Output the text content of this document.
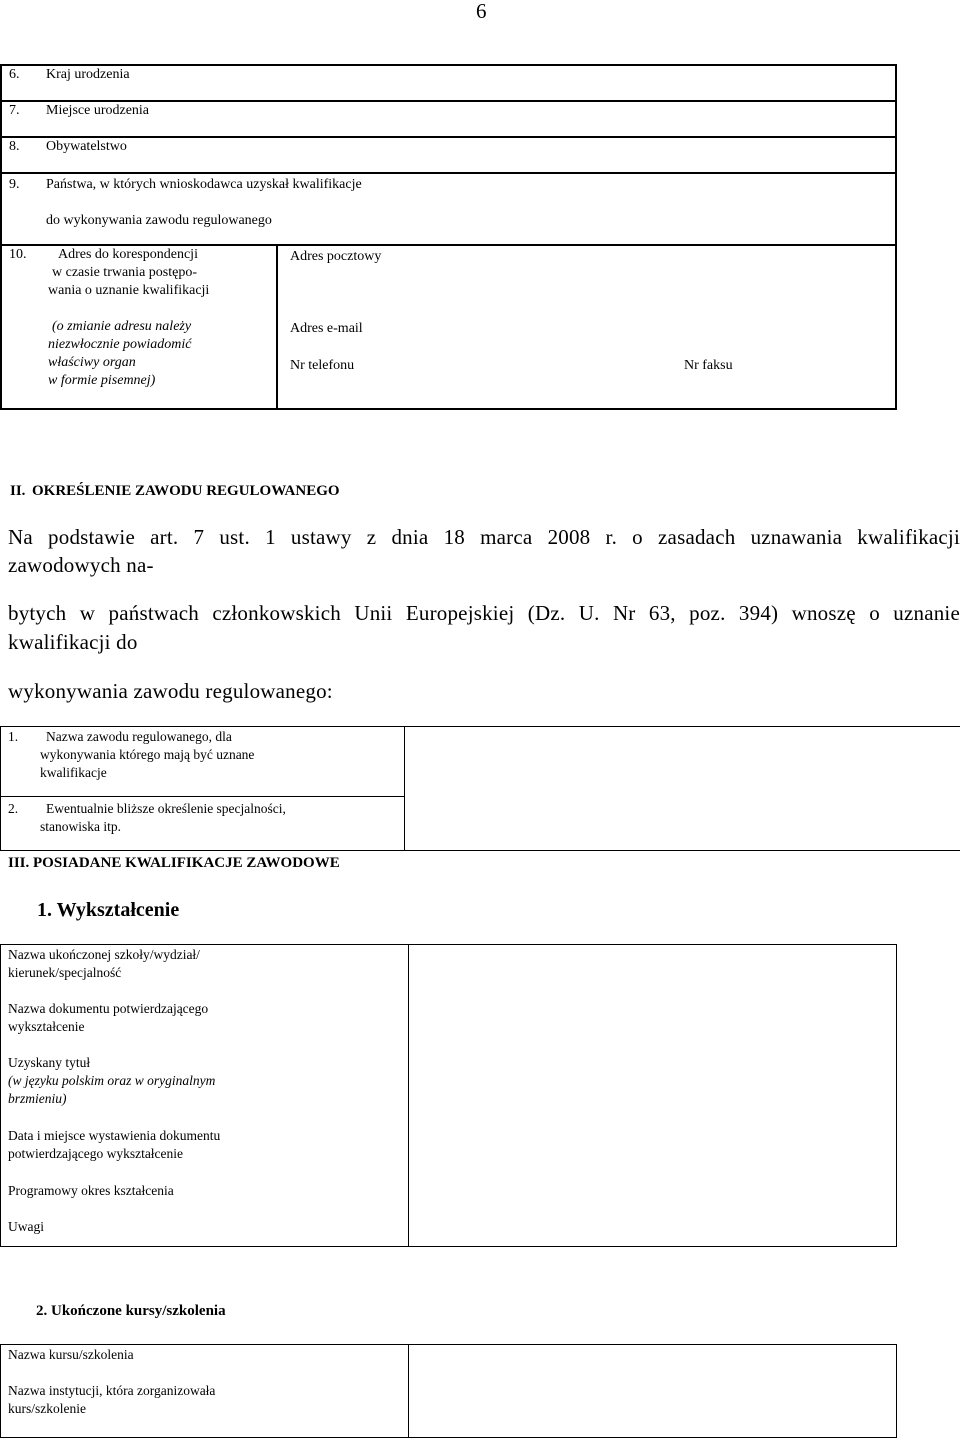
6
6. Kraj urodzenia
7. Miejsce urodzenia
8. Obywatelstwo
9. Państwa, w których wnioskodawca uzyskał kwalifikacje
do wykonywania zawodu regulowanego
10. Adres do korespondencji
w czasie trwania postępo-
wania o uznanie kwalifikacji
(o zmianie adresu należy
niezwłocznie powiadomić
właściwy organ
w formie pisemnej)
Adres pocztowy
Adres e-mail
Nr telefonu	Nr faksu
II. OKREŚLENIE ZAWODU REGULOWANEGO
Na podstawie art. 7 ust. 1 ustawy z dnia 18 marca 2008 r. o zasadach uznawania kwalifikacji
zawodowych na-
bytych w państwach członkowskich Unii Europejskiej (Dz. U. Nr 63, poz. 394) wnoszę o uznanie
kwalifikacji do
wykonywania zawodu regulowanego:
1. Nazwa zawodu regulowanego, dla
wykonywania którego mają być uznane
kwalifikacje
2. Ewentualnie bliższe określenie specjalności,
stanowiska itp.
III. POSIADANE KWALIFIKACJE ZAWODOWE
1. Wykształcenie
Nazwa ukończonej szkoły/wydział/
kierunek/specjalność
Nazwa dokumentu potwierdzającego
wykształcenie
Uzyskany tytuł
(w języku polskim oraz w oryginalnym
brzmieniu)
Data i miejsce wystawienia dokumentu
potwierdzającego wykształcenie
Programowy okres kształcenia
Uwagi
2. Ukończone kursy/szkolenia
Nazwa kursu/szkolenia
Nazwa instytucji, która zorganizowała
kurs/szkolenie
